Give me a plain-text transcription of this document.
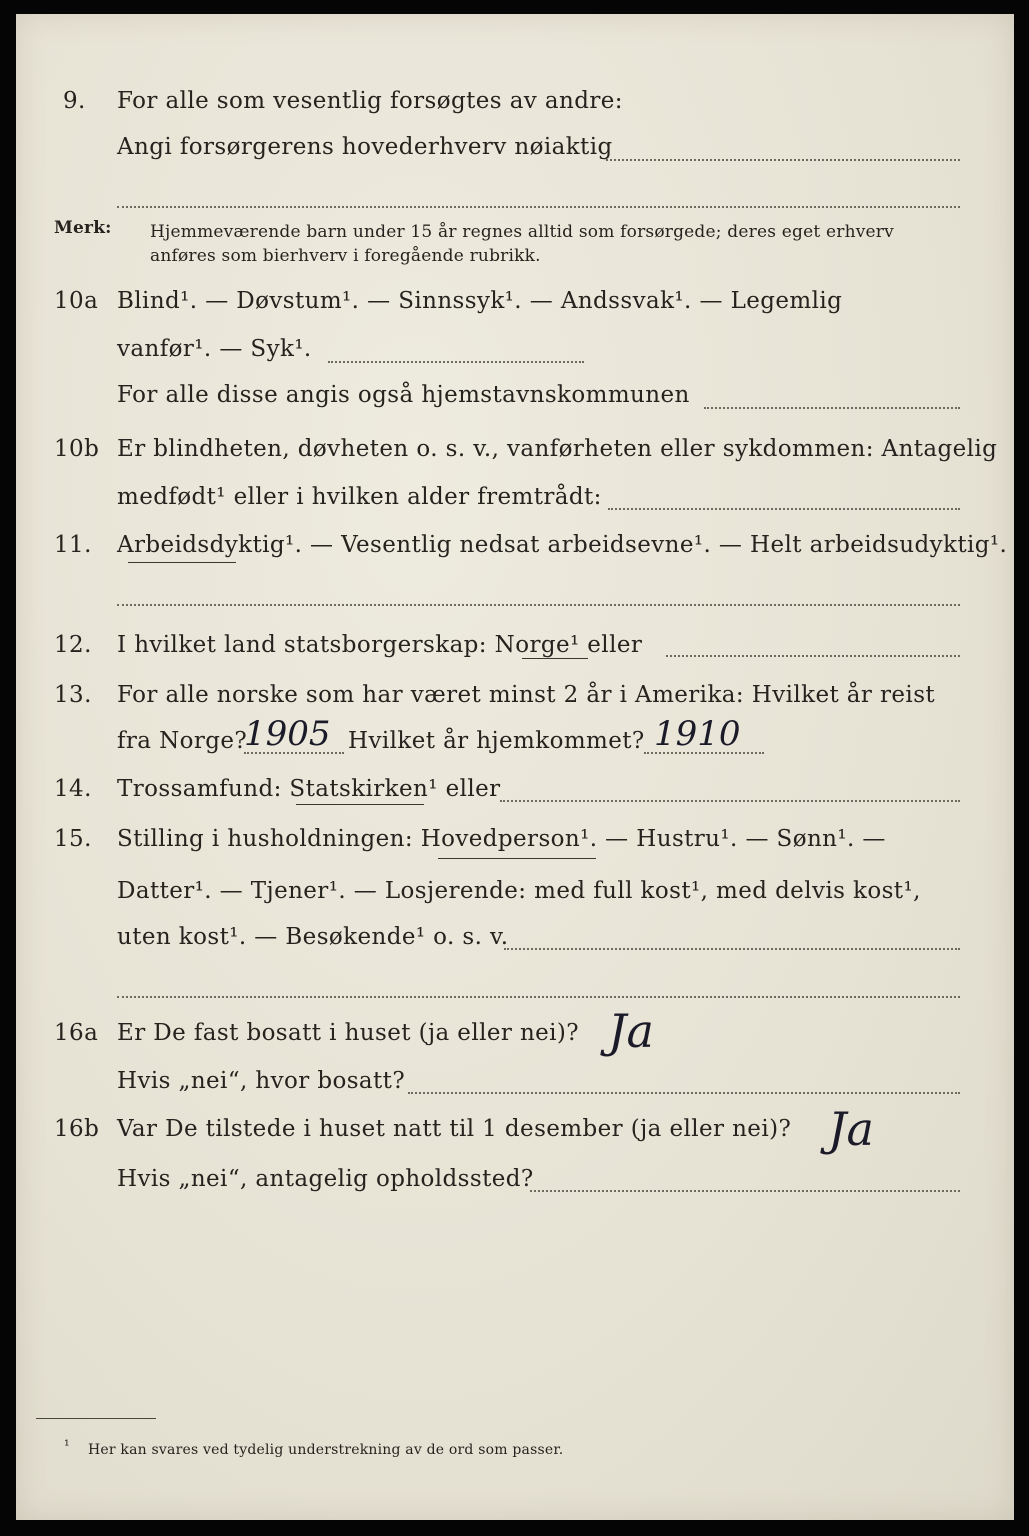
9. For alle som vesentlig forsøgtes av andre:
Angi forsørgerens hovederhverv nøiaktig
Merk: Hjemmeværende barn under 15 år regnes alltid som forsørgede; deres eget erhverv
anføres som bierhverv i foregående rubrikk.
10a Blind¹. — Døvstum¹. — Sinnssyk¹. — Andssvak¹. — Legemlig
vanfør¹. — Syk¹.
For alle disse angis også hjemstavnskommunen
10b Er blindheten, døvheten o. s. v., vanførheten eller sykdommen: Antagelig
medfødt¹ eller i hvilken alder fremtrådt:
11. Arbeidsdyktig¹. — Vesentlig nedsat arbeidsevne¹. — Helt arbeidsudyktig¹.
12. I hvilket land statsborgerskap: Norge¹ eller
13. For alle norske som har været minst 2 år i Amerika: Hvilket år reist
fra Norge?
1905 Hvilket år hjemkommet? 1910
14. Trossamfund: Statskirken¹ eller
15. Stilling i husholdningen: Hovedperson¹. — Hustru¹. — Sønn¹. —
Datter¹. — Tjener¹. — Losjerende: med full kost¹, med delvis kost¹,
uten kost¹. — Besøkende¹ o. s. v.
16a Er De fast bosatt i huset (ja eller nei)? Ja
Hvis „nei“, hvor bosatt?
16b Var De tilstede i huset natt til 1 desember (ja eller nei)? Ja
Hvis „nei“, antagelig opholdssted?
¹ Her kan svares ved tydelig understrekning av de ord som passer.
